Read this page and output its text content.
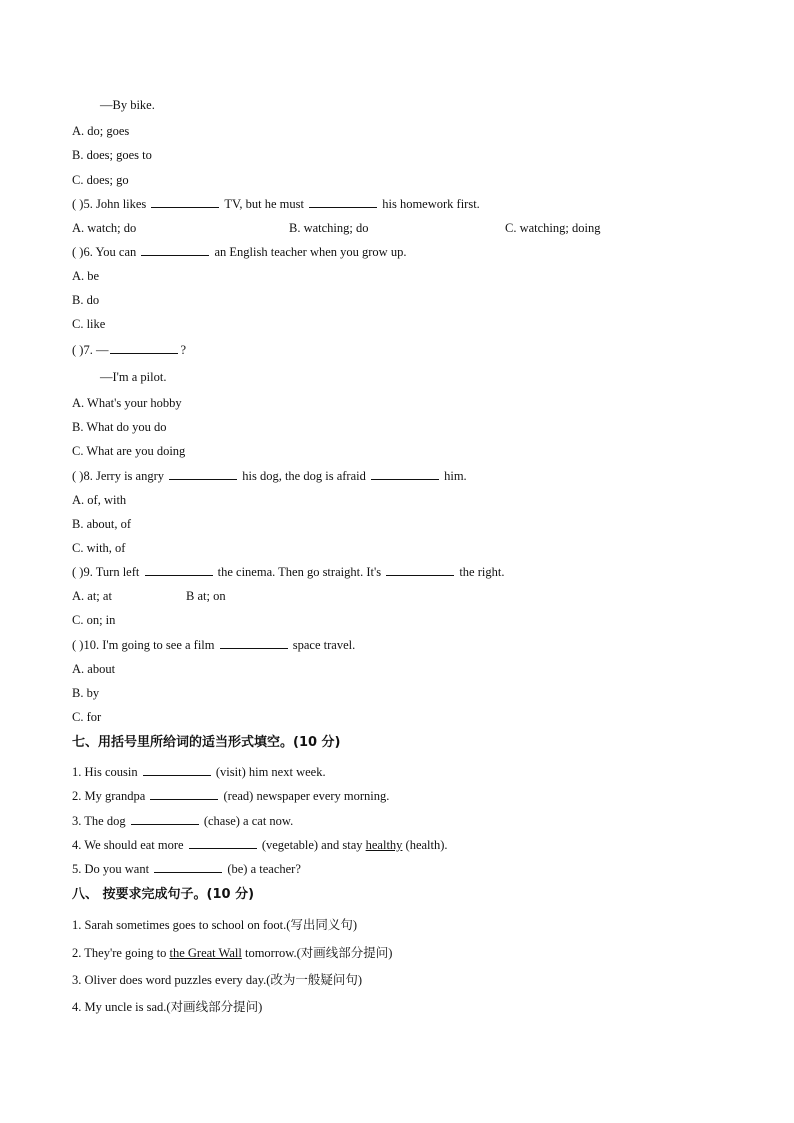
—By bike.
A. do; goes
B. does; goes to
C. does; go
( )5. John likes	TV, but he must	his homework first.
A. watch; do	B. watching; do	C. watching; doing
( )6. You can	an English teacher when you grow up.
A. be
B. do
C. like
( )7. —	?
—I'm a pilot.
A. What's your hobby
B. What do you do
C. What are you doing
( )8. Jerry is angry	his dog, the dog is afraid	him.
A. of, with
B. about, of
C. with, of
( )9. Turn left	the cinema. Then go straight. It's	the right.
A. at; at	B at; on
C. on; in
( )10. I'm going to see a film	space travel.
A. about
B. by
C. for
七、用括号里所给词的适当形式填空。(10 分)
1. His cousin	(visit) him next week.
2. My grandpa	(read) newspaper every morning.
3. The dog	(chase) a cat now.
4. We should eat more	(vegetable) and stay healthy (health).
5. Do you want	(be) a teacher?
八、 按要求完成句子。(10 分)
1. Sarah sometimes goes to school on foot.(写出同义句)
2. They're going to the Great Wall tomorrow.(对画线部分提问)
3. Oliver does word puzzles every day.(改为一般疑问句)
4. My uncle is sad.(对画线部分提问)
